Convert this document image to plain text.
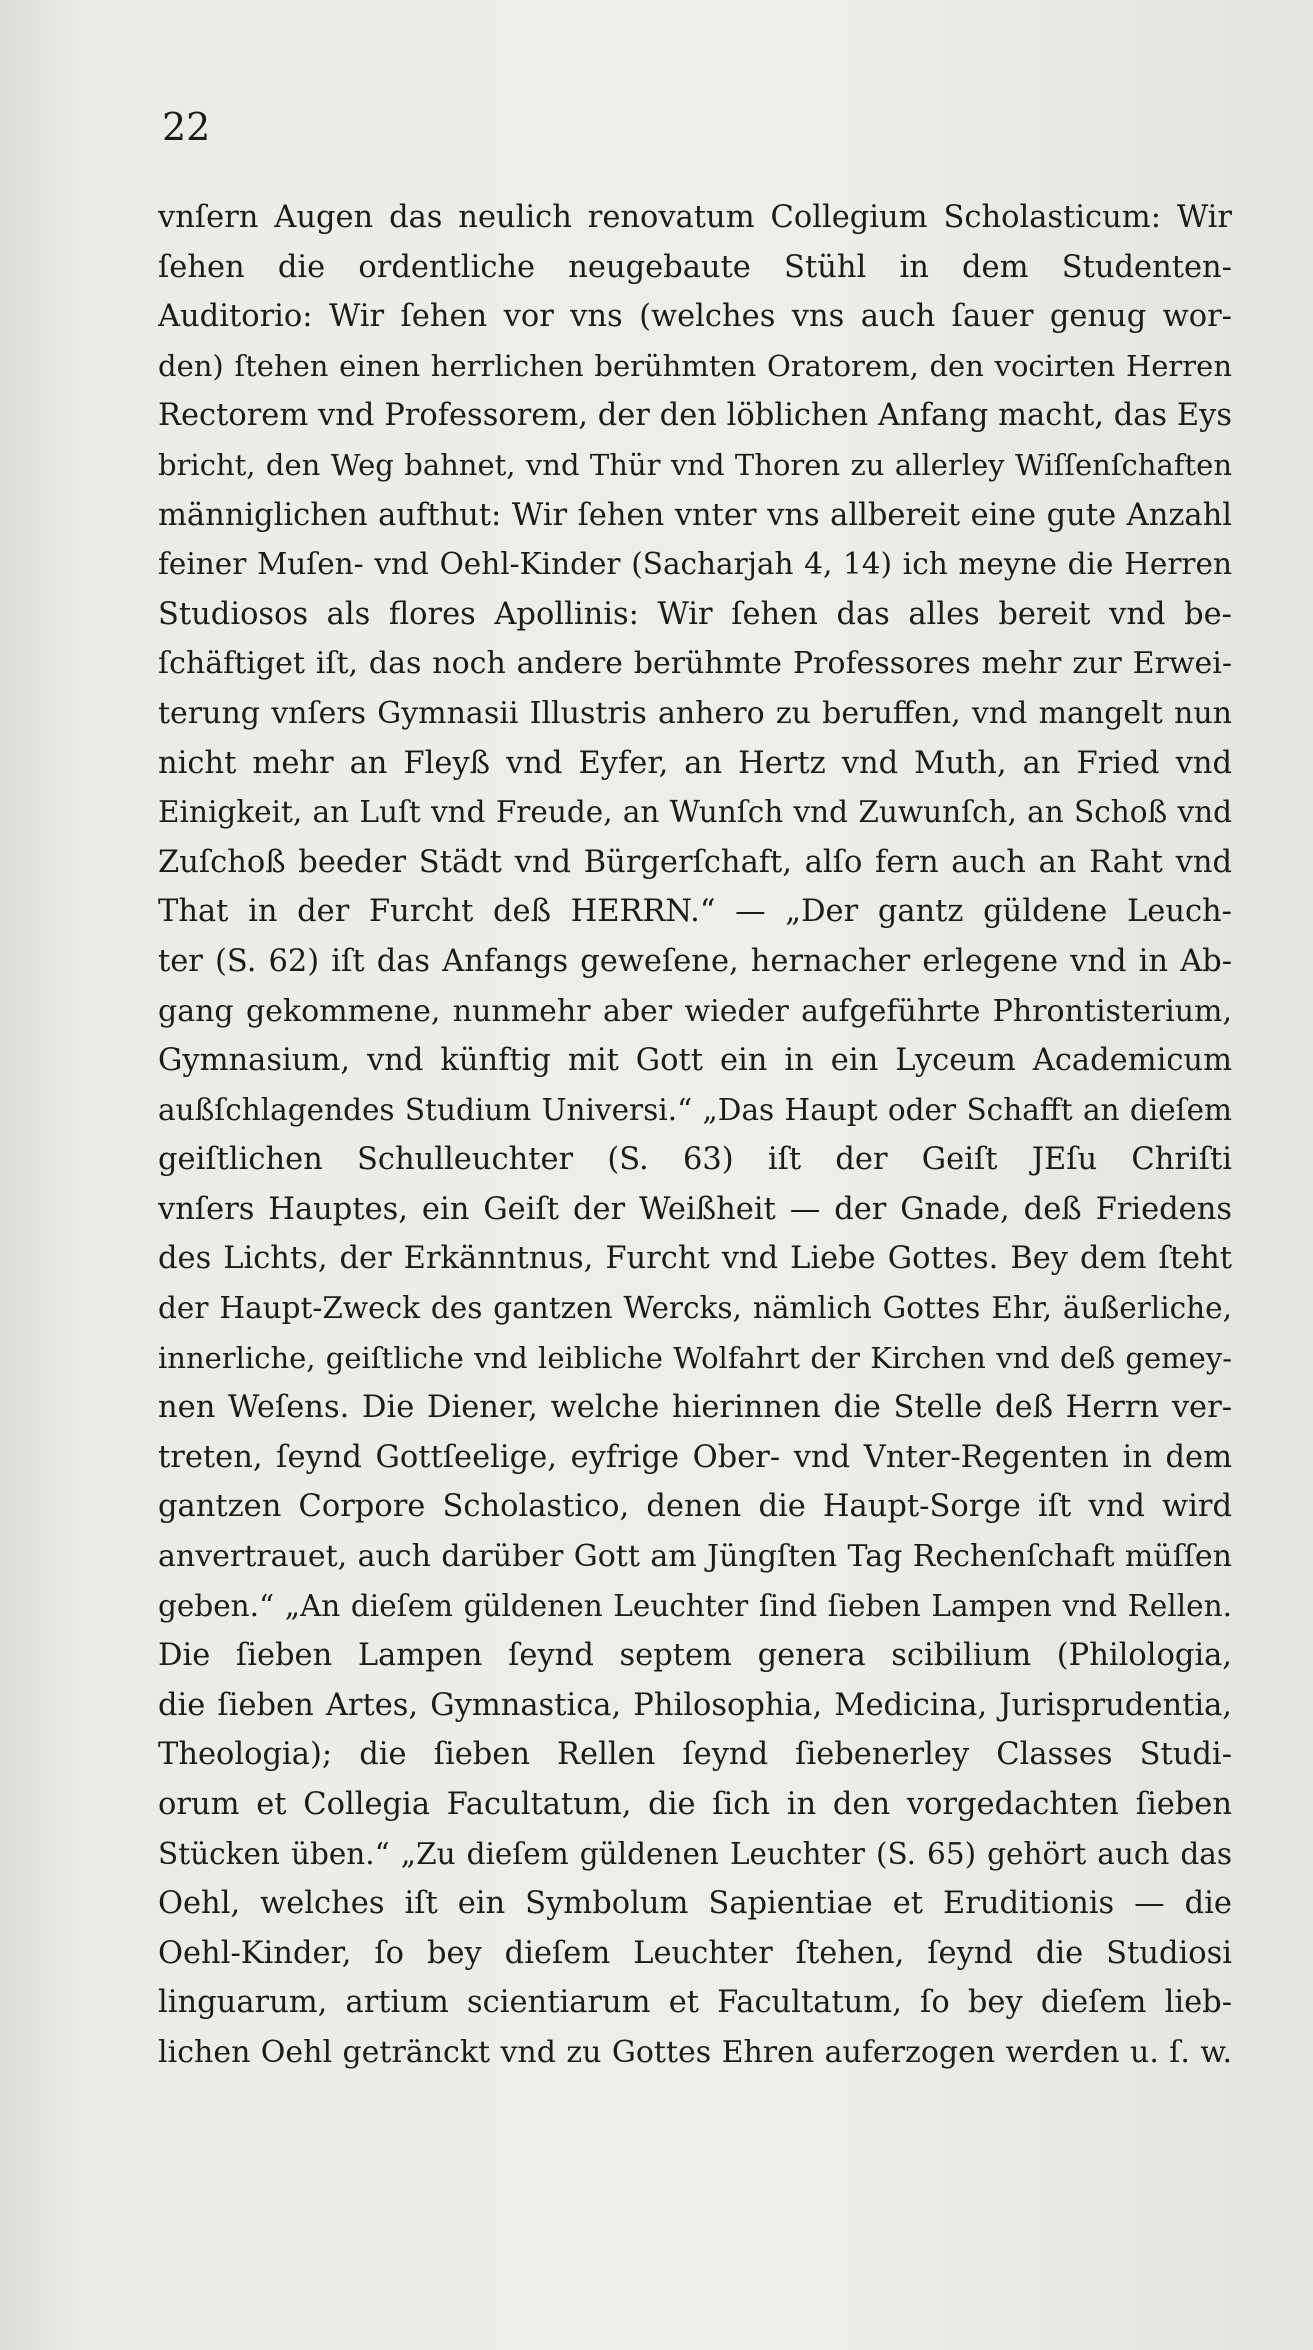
22
vnſern Augen das neulich renovatum Collegium Scholasticum: Wir
ſehen die ordentliche neugebaute Stühl in dem Studenten-
Auditorio: Wir ſehen vor vns (welches vns auch ſauer genug wor-
den) ſtehen einen herrlichen berühmten Oratorem, den vocirten Herren
Rectorem vnd Professorem, der den löblichen Anfang macht, das Eys
bricht, den Weg bahnet, vnd Thür vnd Thoren zu allerley Wiſſenſchaften
männiglichen aufthut: Wir ſehen vnter vns allbereit eine gute Anzahl
feiner Muſen- vnd Oehl-Kinder (Sacharjah 4, 14) ich meyne die Herren
Studiosos als flores Apollinis: Wir ſehen das alles bereit vnd be-
ſchäftiget iſt, das noch andere berühmte Professores mehr zur Erwei-
terung vnſers Gymnasii Illustris anhero zu beruffen, vnd mangelt nun
nicht mehr an Fleyß vnd Eyfer, an Hertz vnd Muth, an Fried vnd
Einigkeit, an Luſt vnd Freude, an Wunſch vnd Zuwunſch, an Schoß vnd
Zuſchoß beeder Städt vnd Bürgerſchaft, alſo fern auch an Raht vnd
That in der Furcht deß HERRN.“ — „Der gantz güldene Leuch-
ter (S. 62) iſt das Anfangs geweſene, hernacher erlegene vnd in Ab-
gang gekommene, nunmehr aber wieder aufgeführte Phrontisterium,
Gymnasium, vnd künftig mit Gott ein in ein Lyceum Academicum
außſchlagendes Studium Universi.“ „Das Haupt oder Schafft an dieſem
geiſtlichen Schulleuchter (S. 63) iſt der Geiſt JEſu Chriſti
vnſers Hauptes, ein Geiſt der Weißheit — der Gnade, deß Friedens
des Lichts, der Erkänntnus, Furcht vnd Liebe Gottes. Bey dem ſteht
der Haupt-Zweck des gantzen Wercks, nämlich Gottes Ehr, äußerliche,
innerliche, geiſtliche vnd leibliche Wolfahrt der Kirchen vnd deß gemey-
nen Weſens. Die Diener, welche hierinnen die Stelle deß Herrn ver-
treten, ſeynd Gottſeelige, eyfrige Ober- vnd Vnter-Regenten in dem
gantzen Corpore Scholastico, denen die Haupt-Sorge iſt vnd wird
anvertrauet, auch darüber Gott am Jüngſten Tag Rechenſchaft müſſen
geben.“ „An dieſem güldenen Leuchter ſind ſieben Lampen vnd Rellen.
Die ſieben Lampen ſeynd septem genera scibilium (Philologia,
die ſieben Artes, Gymnastica, Philosophia, Medicina, Jurisprudentia,
Theologia); die ſieben Rellen ſeynd ſiebenerley Classes Studi-
orum et Collegia Facultatum, die ſich in den vorgedachten ſieben
Stücken üben.“ „Zu dieſem güldenen Leuchter (S. 65) gehört auch das
Oehl, welches iſt ein Symbolum Sapientiae et Eruditionis — die
Oehl-Kinder, ſo bey dieſem Leuchter ſtehen, ſeynd die Studiosi
linguarum, artium scientiarum et Facultatum, ſo bey dieſem lieb-
lichen Oehl getränckt vnd zu Gottes Ehren auferzogen werden u. ſ. w.
